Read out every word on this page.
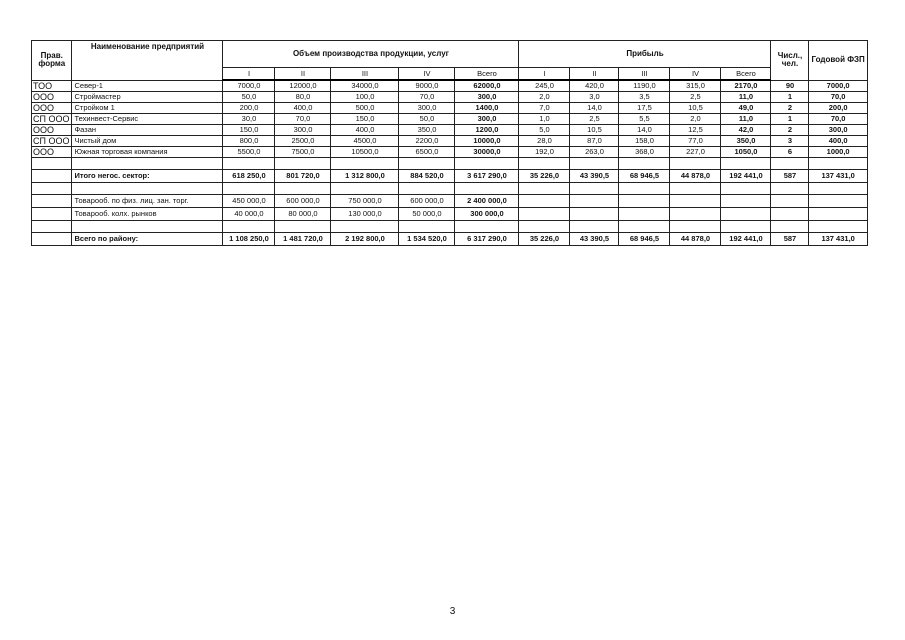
Прав. форма	Наименование предприятий	Объем производства продукции, услуг					Прибыль					Числ., чел.	Годовой ФЗП
		I	II	III	IV	Всего	I	II	III	IV	Всего		
ТОО	Север-1	7000,0	12000,0	34000,0	9000,0	62000,0	245,0	420,0	1190,0	315,0	2170,0	90	7000,0
ООО	Строймастер	50,0	80,0	100,0	70,0	300,0	2,0	3,0	3,5	2,5	11,0	1	70,0
ООО	Стройком 1	200,0	400,0	500,0	300,0	1400,0	7,0	14,0	17,5	10,5	49,0	2	200,0
СП ООО	Техинвест-Сервис	30,0	70,0	150,0	50,0	300,0	1,0	2,5	5,5	2,0	11,0	1	70,0
ООО	Фазан	150,0	300,0	400,0	350,0	1200,0	5,0	10,5	14,0	12,5	42,0	2	300,0
СП ООО	Чистый дом	800,0	2500,0	4500,0	2200,0	10000,0	28,0	87,0	158,0	77,0	350,0	3	400,0
ООО	Южная торговая компания	5500,0	7500,0	10500,0	6500,0	30000,0	192,0	263,0	368,0	227,0	1050,0	6	1000,0

	Итого негос. сектор:	618 250,0	801 720,0	1 312 800,0	884 520,0	3 617 290,0	35 226,0	43 390,5	68 946,5	44 878,0	192 441,0	587	137 431,0

	Товарооб. по физ. лиц. зан. торг.	450 000,0	600 000,0	750 000,0	600 000,0	2 400 000,0							
	Товарооб. колх. рынков	40 000,0	80 000,0	130 000,0	50 000,0	300 000,0							

	Всего по району:	1 108 250,0	1 481 720,0	2 192 800,0	1 534 520,0	6 317 290,0	35 226,0	43 390,5	68 946,5	44 878,0	192 441,0	587	137 431,0
3
